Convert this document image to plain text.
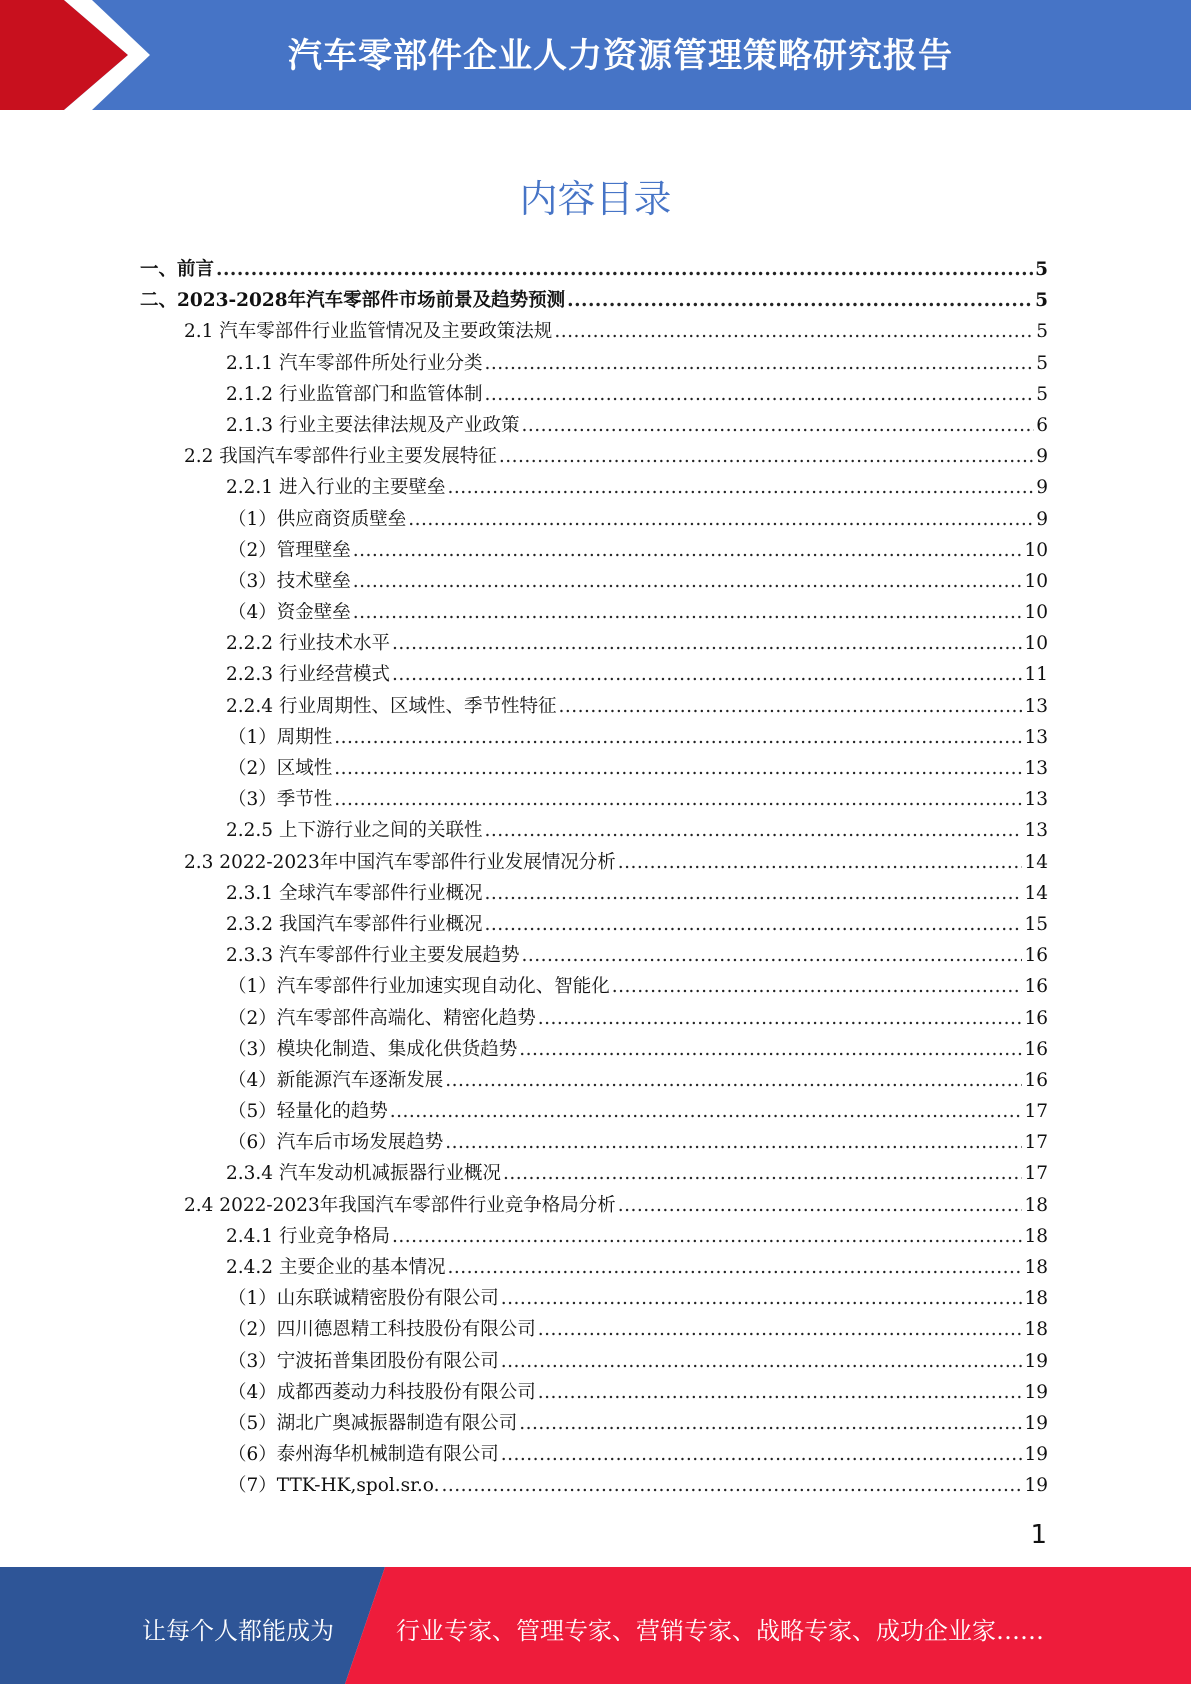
汽车零部件企业人力资源管理策略研究报告
内容目录
一、前言 .....	5
二、2023-2028年汽车零部件市场前景及趋势预测 .....	5
2.1 汽车零部件行业监管情况及主要政策法规 .....	5
2.1.1 汽车零部件所处行业分类 .....	5
2.1.2 行业监管部门和监管体制 .....	5
2.1.3 行业主要法律法规及产业政策 .....	6
2.2 我国汽车零部件行业主要发展特征 .....	9
2.2.1 进入行业的主要壁垒 .....	9
（1）供应商资质壁垒 .....	9
（2）管理壁垒 .....	10
（3）技术壁垒 .....	10
（4）资金壁垒 .....	10
2.2.2 行业技术水平 .....	10
2.2.3 行业经营模式 .....	11
2.2.4 行业周期性、区域性、季节性特征 .....	13
（1）周期性 .....	13
（2）区域性 .....	13
（3）季节性 .....	13
2.2.5 上下游行业之间的关联性 .....	13
2.3 2022-2023年中国汽车零部件行业发展情况分析 .....	14
2.3.1 全球汽车零部件行业概况 .....	14
2.3.2 我国汽车零部件行业概况 .....	15
2.3.3 汽车零部件行业主要发展趋势 .....	16
（1）汽车零部件行业加速实现自动化、智能化 .....	16
（2）汽车零部件高端化、精密化趋势 .....	16
（3）模块化制造、集成化供货趋势 .....	16
（4）新能源汽车逐渐发展 .....	16
（5）轻量化的趋势 .....	17
（6）汽车后市场发展趋势 .....	17
2.3.4 汽车发动机减振器行业概况 .....	17
2.4 2022-2023年我国汽车零部件行业竞争格局分析 .....	18
2.4.1 行业竞争格局 .....	18
2.4.2 主要企业的基本情况 .....	18
（1）山东联诚精密股份有限公司 .....	18
（2）四川德恩精工科技股份有限公司 .....	18
（3）宁波拓普集团股份有限公司 .....	19
（4）成都西菱动力科技股份有限公司 .....	19
（5）湖北广奥减振器制造有限公司 .....	19
（6）泰州海华机械制造有限公司 .....	19
（7）TTK-HK,spol.sr.o. .....	19
1
让每个人都能成为	行业专家、管理专家、营销专家、战略专家、成功企业家……
